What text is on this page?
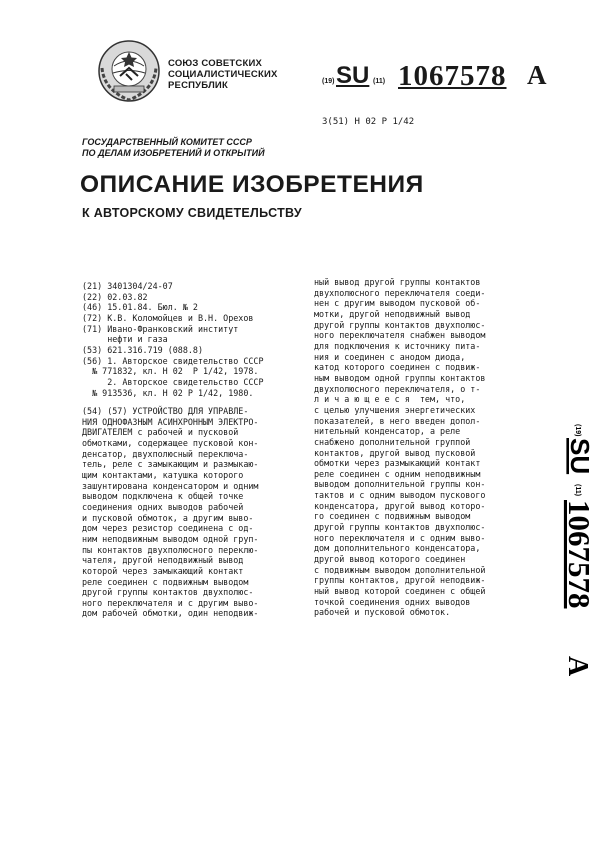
СОЮЗ СОВЕТСКИХ
СОЦИАЛИСТИЧЕСКИХ
РЕСПУБЛИК	(19) SU (11) 1067578 A
3(51) Н 02 Р 1/42
ГОСУДАРСТВЕННЫЙ КОМИТЕТ СССР
ПО ДЕЛАМ ИЗОБРЕТЕНИЙ И ОТКРЫТИЙ
ОПИСАНИЕ ИЗОБРЕТЕНИЯ
К АВТОРСКОМУ СВИДЕТЕЛЬСТВУ
(21) 3401304/24-07
(22) 02.03.82
(46) 15.01.84. Бюл. № 2
(72) К.В. Коломойцев и В.Н. Орехов
(71) Ивано-Франковский институт
нефти и газа
(53) 621.316.719 (088.8)
(56) 1. Авторское свидетельство СССР
№ 771832, кл. Н 02  Р 1/42, 1978.
2. Авторское свидетельство СССР
№ 913536, кл. Н 02 Р 1/42, 1980.
(54) (57) УСТРОЙСТВО ДЛЯ УПРАВЛЕ-
НИЯ ОДНОФАЗНЫМ АСИНХРОННЫМ ЭЛЕКТРО-
ДВИГАТЕЛЕМ с рабочей и пусковой
обмотками, содержащее пусковой кон-
денсатор, двухполюсный переключа-
тель, реле с замыкающим и размыкаю-
щим контактами, катушка которого
зашунтирована конденсатором и одним
выводом подключена к общей точке
соединения одних выводов рабочей
и пусковой обмоток, а другим выво-
дом через резистор соединена с од-
ним неподвижным выводом одной груп-
пы контактов двухполюсного переклю-
чателя, другой неподвижный вывод
которой через замыкающий контакт
реле соединен с подвижным выводом
другой группы контактов двухполюс-
ного переключателя и с другим выво-
дом рабочей обмотки, один неподвиж-
ный вывод другой группы контактов
двухполюсного переключателя соеди-
нен с другим выводом пусковой об-
мотки, другой неподвижный вывод
другой группы контактов двухполюс-
ного переключателя снабжен выводом
для подключения к источнику пита-
ния и соединен с анодом диода,
катод которого соединен с подвиж-
ным выводом одной группы контактов
двухполюсного переключателя, о т-
л и ч а ю щ е е с я  тем, что,
с целью улучшения энергетических
показателей, в него введен допол-
нительный конденсатор, а реле
снабжено дополнительной группой
контактов, другой вывод пусковой
обмотки через размыкающий контакт
реле соединен с одним неподвижным
выводом дополнительной группы кон-
тактов и с одним выводом пускового
конденсатора, другой вывод которо-
го соединен с подвижным выводом
другой группы контактов двухполюс-
ного переключателя и с одним выво-
дом дополнительного конденсатора,
другой вывод которого соединен
с подвижным выводом дополнительной
группы контактов, другой неподвиж-
ный вывод которой соединен с общей
точкой соединения одних выводов
рабочей и пусковой обмоток.
(19)
SU
(11)
1067578
A
